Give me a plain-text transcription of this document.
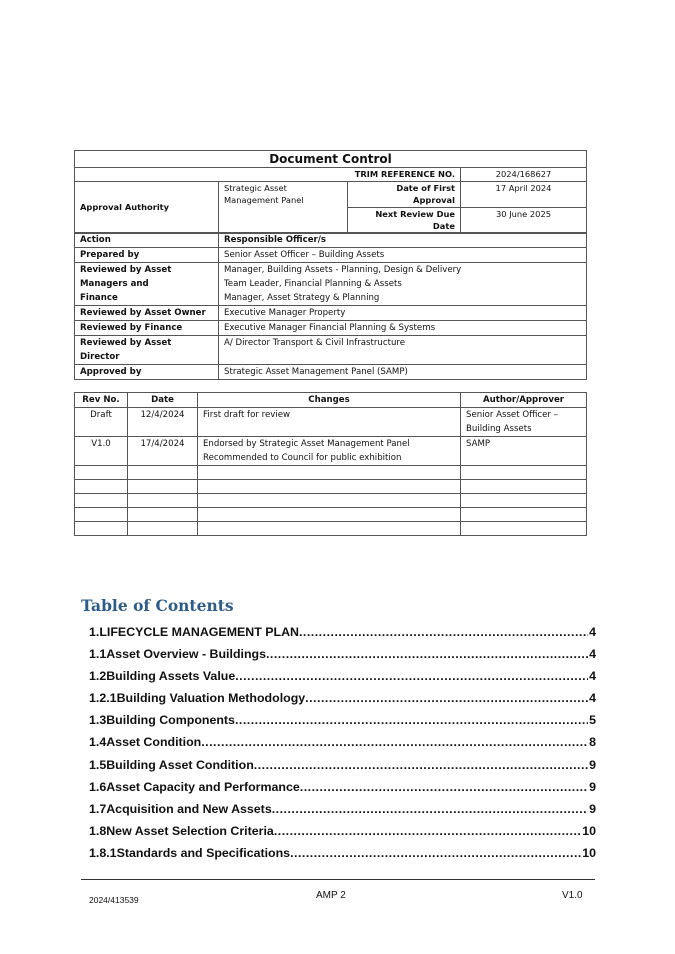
Document Control			
TRIM REFERENCE NO.			2024/168627
Approval Authority	Strategic Asset Management Panel	Date of First Approval	17 April 2024
		Next Review Due Date	30 June 2025
Action	Responsible Officer/s
Prepared by	Senior Asset Officer – Building Assets

Reviewed by Asset Managers and Finance	Manager, Building Assets - Planning, Design & Delivery
Team Leader, Financial Planning & Assets
Manager, Asset Strategy & Planning

Reviewed by Asset Owner	Executive Manager Property

Reviewed by Finance	Executive Manager Financial Planning & Systems

Reviewed by Asset Director	A/ Director Transport & Civil Infrastructure

Approved by	Strategic Asset Management Panel (SAMP)
Rev No.	Date	Changes	Author/Approver
Draft	12/4/2024	First draft for review	Senior Asset Officer –
Building Assets

V1.0	17/4/2024	Endorsed by Strategic Asset Management Panel
Recommended to Council for public exhibition	SAMP

Table of Contents
1. LIFECYCLE MANAGEMENT PLAN .....	4
1.1 Asset Overview - Buildings .....	4
1.2 Building Assets Value .....	4
1.2.1 Building Valuation Methodology .....	4
1.3 Building Components .....	5
1.4 Asset Condition .....	8
1.5 Building Asset Condition .....	9
1.6 Asset Capacity and Performance .....	9
1.7 Acquisition and New Assets .....	9
1.8 New Asset Selection Criteria .....	10
1.8.1 Standards and Specifications .....	10
2024/413539	AMP 2	V1.0
